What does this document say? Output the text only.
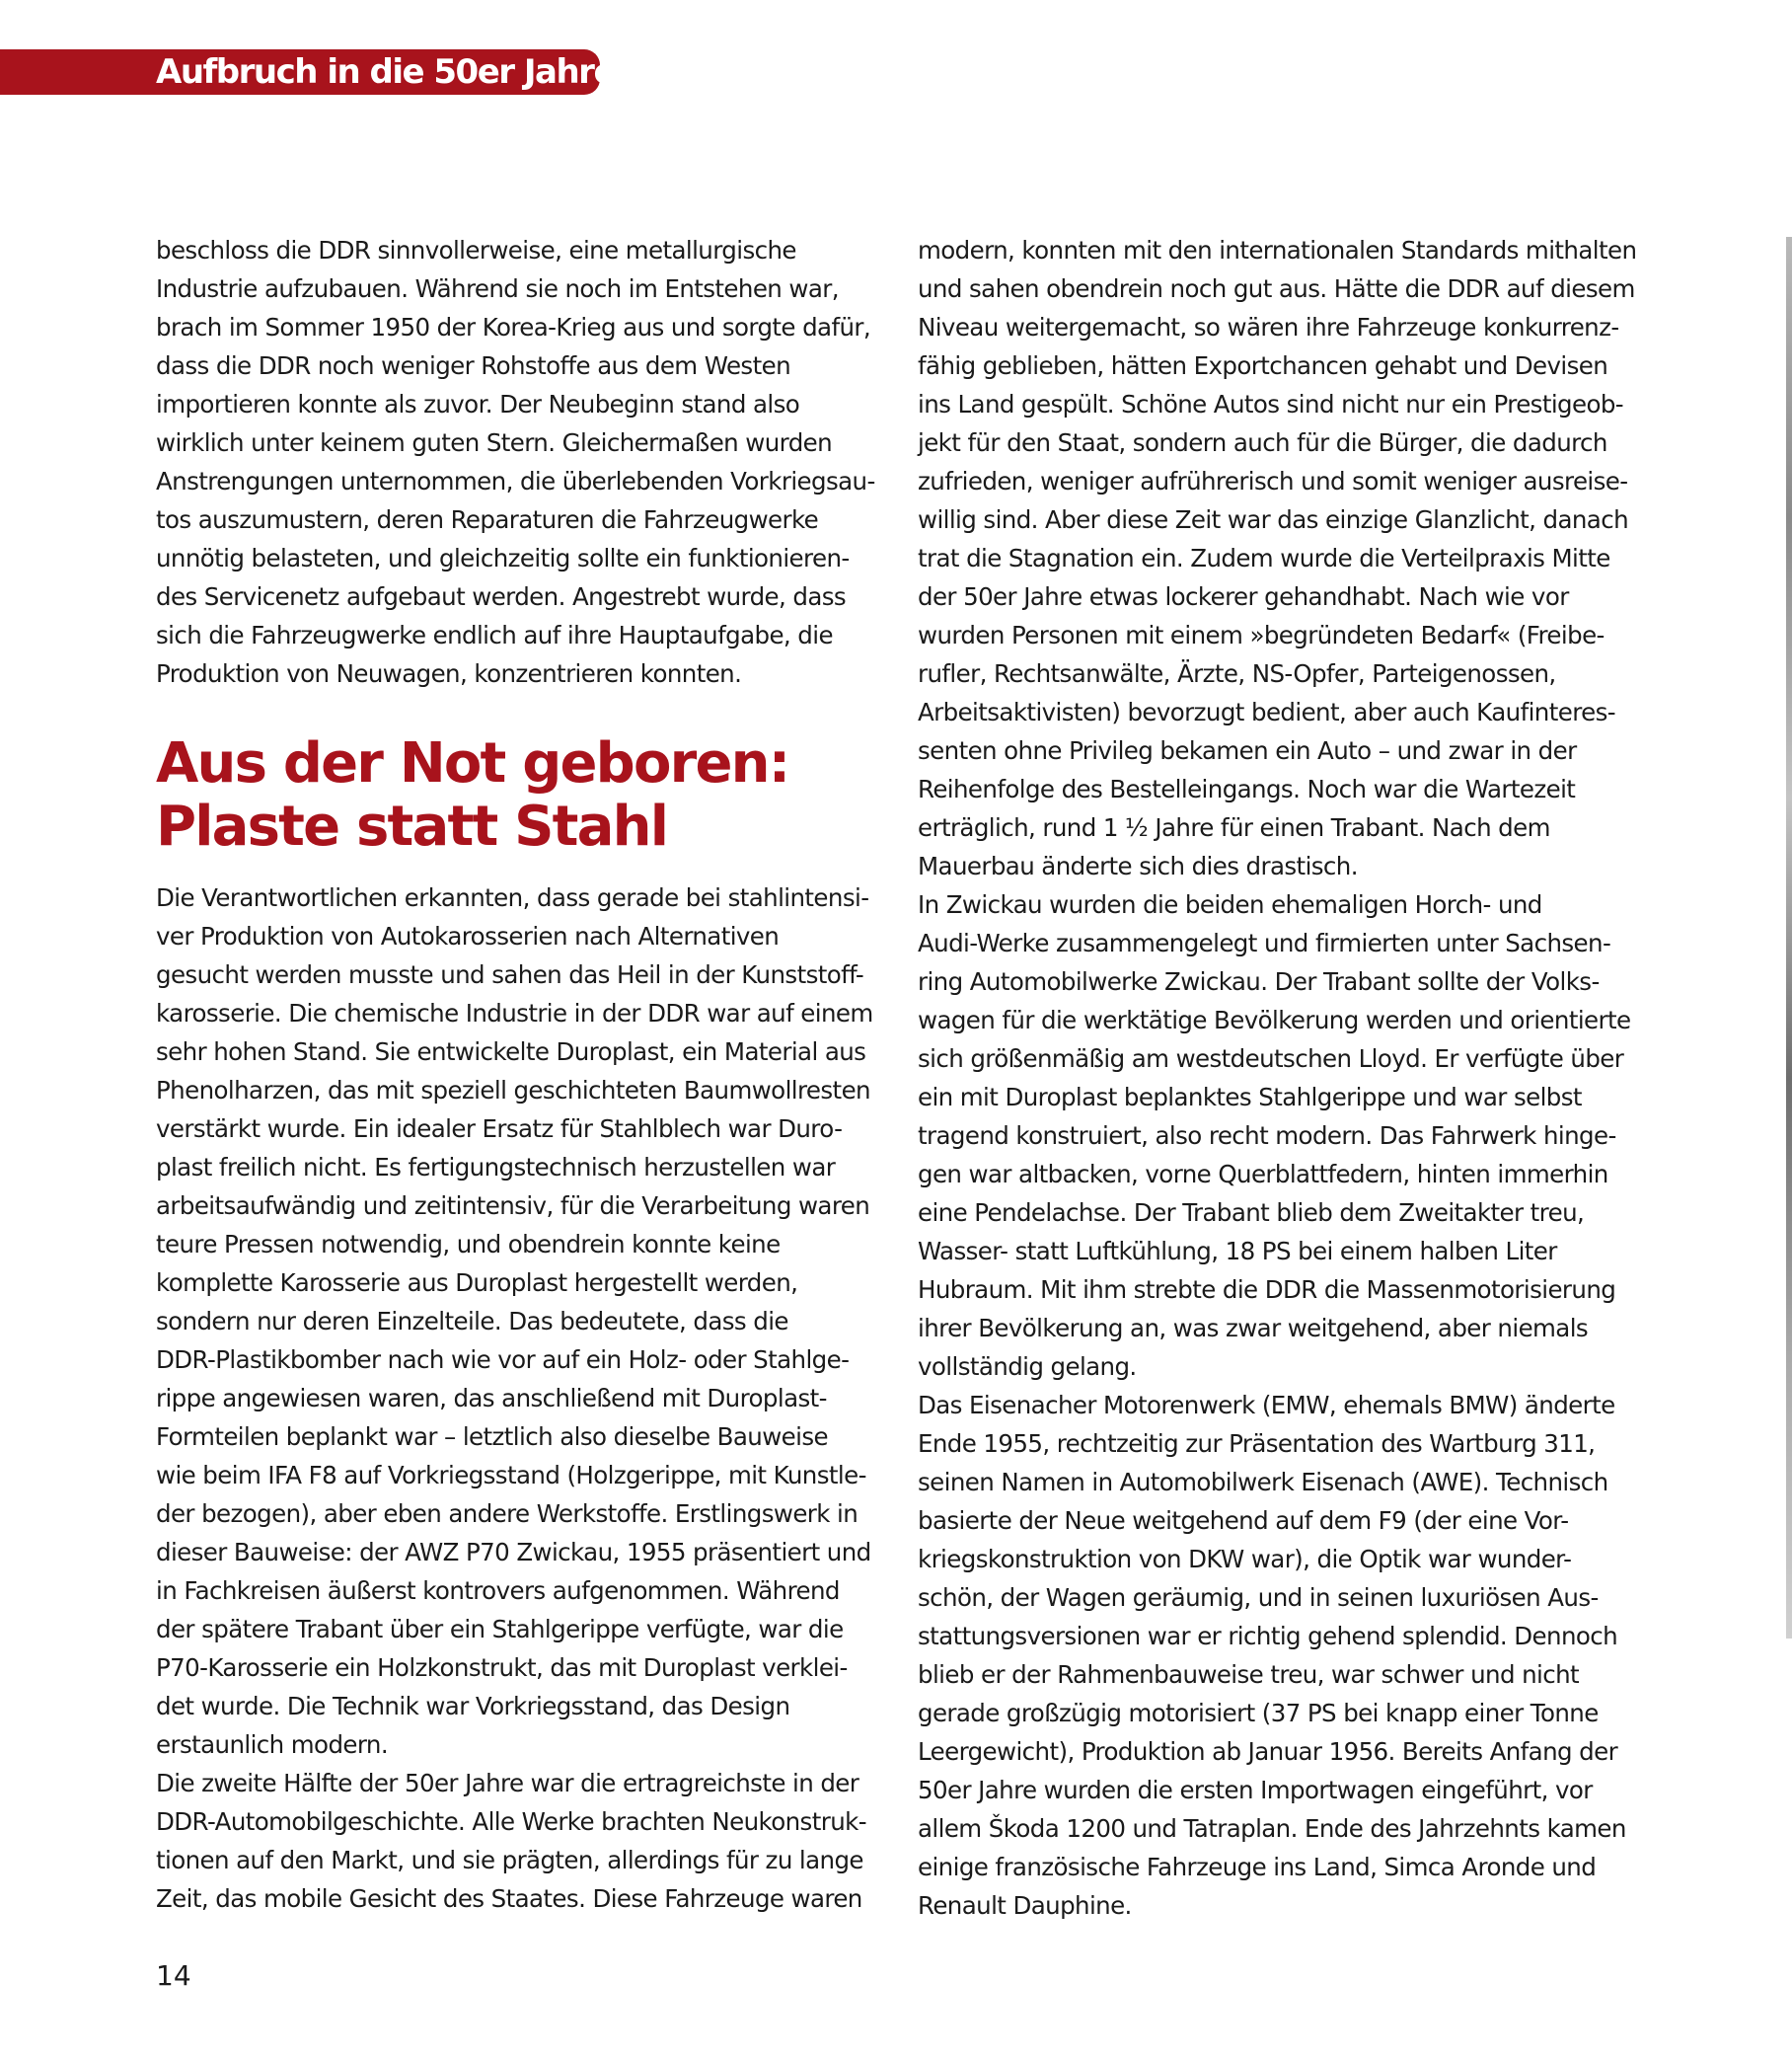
Aufbruch in die 50er Jahre
beschloss die DDR sinnvollerweise, eine metallurgische
Industrie aufzubauen. Während sie noch im Entstehen war,
brach im Sommer 1950 der Korea-Krieg aus und sorgte dafür,
dass die DDR noch weniger Rohstoffe aus dem Westen
importieren konnte als zuvor. Der Neubeginn stand also
wirklich unter keinem guten Stern. Gleichermaßen wurden
Anstrengungen unternommen, die überlebenden Vorkriegsau-
tos auszumustern, deren Reparaturen die Fahrzeugwerke
unnötig belasteten, und gleichzeitig sollte ein funktionieren-
des Servicenetz aufgebaut werden. Angestrebt wurde, dass
sich die Fahrzeugwerke endlich auf ihre Hauptaufgabe, die
Produktion von Neuwagen, konzentrieren konnten.
Aus der Not geboren:
Plaste statt Stahl
Die Verantwortlichen erkannten, dass gerade bei stahlintensi-
ver Produktion von Autokarosserien nach Alternativen
gesucht werden musste und sahen das Heil in der Kunststoff-
karosserie. Die chemische Industrie in der DDR war auf einem
sehr hohen Stand. Sie entwickelte Duroplast, ein Material aus
Phenolharzen, das mit speziell geschichteten Baumwollresten
verstärkt wurde. Ein idealer Ersatz für Stahlblech war Duro-
plast freilich nicht. Es fertigungstechnisch herzustellen war
arbeitsaufwändig und zeitintensiv, für die Verarbeitung waren
teure Pressen notwendig, und obendrein konnte keine
komplette Karosserie aus Duroplast hergestellt werden,
sondern nur deren Einzelteile. Das bedeutete, dass die
DDR-Plastikbomber nach wie vor auf ein Holz- oder Stahlge-
rippe angewiesen waren, das anschließend mit Duroplast-
Formteilen beplankt war – letztlich also dieselbe Bauweise
wie beim IFA F8 auf Vorkriegsstand (Holzgerippe, mit Kunstle-
der bezogen), aber eben andere Werkstoffe. Erstlingswerk in
dieser Bauweise: der AWZ P70 Zwickau, 1955 präsentiert und
in Fachkreisen äußerst kontrovers aufgenommen. Während
der spätere Trabant über ein Stahlgerippe verfügte, war die
P70-Karosserie ein Holzkonstrukt, das mit Duroplast verklei-
det wurde. Die Technik war Vorkriegsstand, das Design
erstaunlich modern.
Die zweite Hälfte der 50er Jahre war die ertragreichste in der
DDR-Automobilgeschichte. Alle Werke brachten Neukonstruk-
tionen auf den Markt, und sie prägten, allerdings für zu lange
Zeit, das mobile Gesicht des Staates. Diese Fahrzeuge waren
modern, konnten mit den internationalen Standards mithalten
und sahen obendrein noch gut aus. Hätte die DDR auf diesem
Niveau weitergemacht, so wären ihre Fahrzeuge konkurrenz-
fähig geblieben, hätten Exportchancen gehabt und Devisen
ins Land gespült. Schöne Autos sind nicht nur ein Prestigeob-
jekt für den Staat, sondern auch für die Bürger, die dadurch
zufrieden, weniger aufrührerisch und somit weniger ausreise-
willig sind. Aber diese Zeit war das einzige Glanzlicht, danach
trat die Stagnation ein. Zudem wurde die Verteilpraxis Mitte
der 50er Jahre etwas lockerer gehandhabt. Nach wie vor
wurden Personen mit einem »begründeten Bedarf« (Freibe-
rufler, Rechtsanwälte, Ärzte, NS-Opfer, Parteigenossen,
Arbeitsaktivisten) bevorzugt bedient, aber auch Kaufinteres-
senten ohne Privileg bekamen ein Auto – und zwar in der
Reihenfolge des Bestelleingangs. Noch war die Wartezeit
erträglich, rund 1 ½ Jahre für einen Trabant. Nach dem
Mauerbau änderte sich dies drastisch.
In Zwickau wurden die beiden ehemaligen Horch- und
Audi-Werke zusammengelegt und firmierten unter Sachsen-
ring Automobilwerke Zwickau. Der Trabant sollte der Volks-
wagen für die werktätige Bevölkerung werden und orientierte
sich größenmäßig am westdeutschen Lloyd. Er verfügte über
ein mit Duroplast beplanktes Stahlgerippe und war selbst
tragend konstruiert, also recht modern. Das Fahrwerk hinge-
gen war altbacken, vorne Querblattfedern, hinten immerhin
eine Pendelachse. Der Trabant blieb dem Zweitakter treu,
Wasser- statt Luftkühlung, 18 PS bei einem halben Liter
Hubraum. Mit ihm strebte die DDR die Massenmotorisierung
ihrer Bevölkerung an, was zwar weitgehend, aber niemals
vollständig gelang.
Das Eisenacher Motorenwerk (EMW, ehemals BMW) änderte
Ende 1955, rechtzeitig zur Präsentation des Wartburg 311,
seinen Namen in Automobilwerk Eisenach (AWE). Technisch
basierte der Neue weitgehend auf dem F9 (der eine Vor-
kriegskonstruktion von DKW war), die Optik war wunder-
schön, der Wagen geräumig, und in seinen luxuriösen Aus-
stattungsversionen war er richtig gehend splendid. Dennoch
blieb er der Rahmenbauweise treu, war schwer und nicht
gerade großzügig motorisiert (37 PS bei knapp einer Tonne
Leergewicht), Produktion ab Januar 1956. Bereits Anfang der
50er Jahre wurden die ersten Importwagen eingeführt, vor
allem Škoda 1200 und Tatraplan. Ende des Jahrzehnts kamen
einige französische Fahrzeuge ins Land, Simca Aronde und
Renault Dauphine.
14
